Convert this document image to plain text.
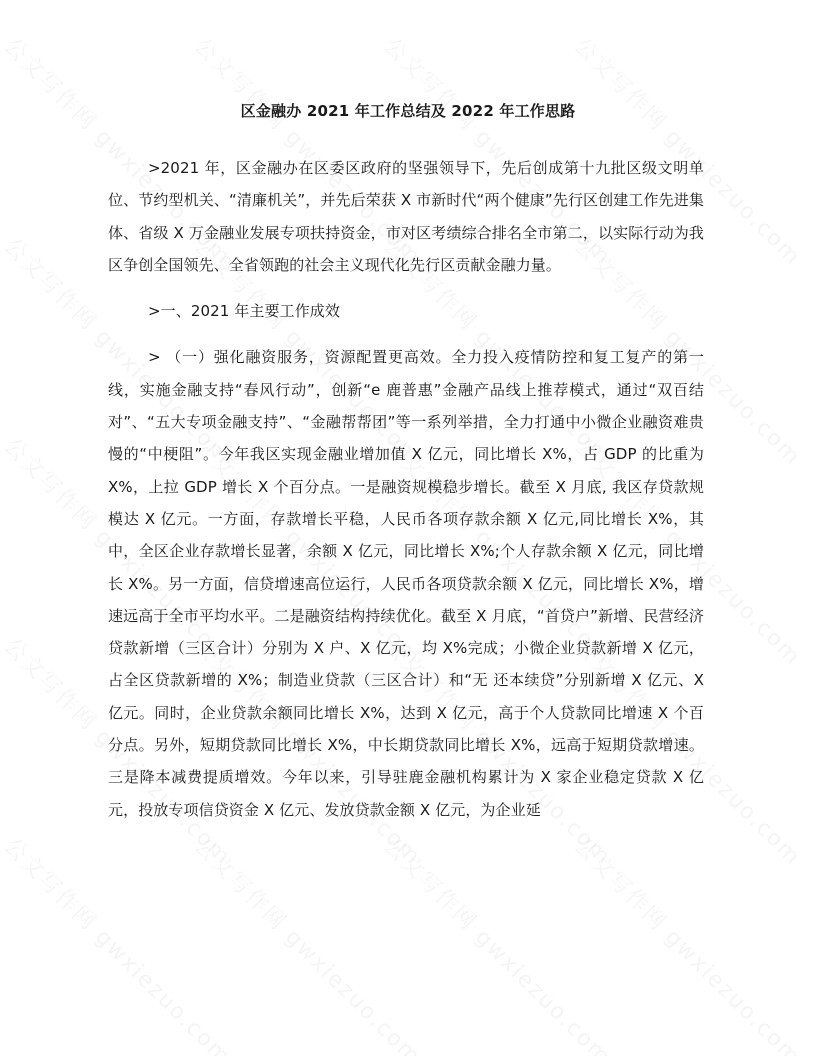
区金融办 2021 年工作总结及 2022 年工作思路

>2021 年，区金融办在区委区政府的坚强领导下，先后创成第十九批区级文明单位、节约型机关、“清廉机关”，并先后荣获 X 市新时代“两个健康”先行区创建工作先进集体、省级 X 万金融业发展专项扶持资金，市对区考绩综合排名全市第二，以实际行动为我区争创全国领先、全省领跑的社会主义现代化先行区贡献金融力量。

>一、2021 年主要工作成效

> （一）强化融资服务，资源配置更高效。全力投入疫情防控和复工复产的第一线，实施金融支持“春风行动”，创新“e 鹿普惠”金融产品线上推荐模式，通过“双百结对”、“五大专项金融支持”、“金融帮帮团”等一系列举措，全力打通中小微企业融资难贵慢的“中梗阻”。今年我区实现金融业增加值 X 亿元，同比增长 X%，占 GDP 的比重为 X%，上拉 GDP 增长 X 个百分点。一是融资规模稳步增长。截至 X 月底, 我区存贷款规模达 X 亿元。一方面，存款增长平稳，人民币各项存款余额 X 亿元,同比增长 X%，其中，全区企业存款增长显著，余额 X 亿元，同比增长 X%;个人存款余额 X 亿元，同比增长 X%。另一方面，信贷增速高位运行，人民币各项贷款余额 X 亿元，同比增长 X%，增速远高于全市平均水平。二是融资结构持续优化。截至 X 月底，“首贷户”新增、民营经济贷款新增（三区合计）分别为 X 户、X 亿元，均 X%完成；小微企业贷款新增 X 亿元，占全区贷款新增的 X%；制造业贷款（三区合计）和“无 还本续贷”分别新增 X 亿元、X 亿元。同时，企业贷款余额同比增长 X%，达到 X 亿元，高于个人贷款同比增速 X 个百分点。另外，短期贷款同比增长 X%，中长期贷款同比增长 X%，远高于短期贷款增速。三是降本减费提质增效。今年以来，引导驻鹿金融机构累计为 X 家企业稳定贷款 X 亿元，投放专项信贷资金 X 亿元、发放贷款金额 X 亿元，为企业延
